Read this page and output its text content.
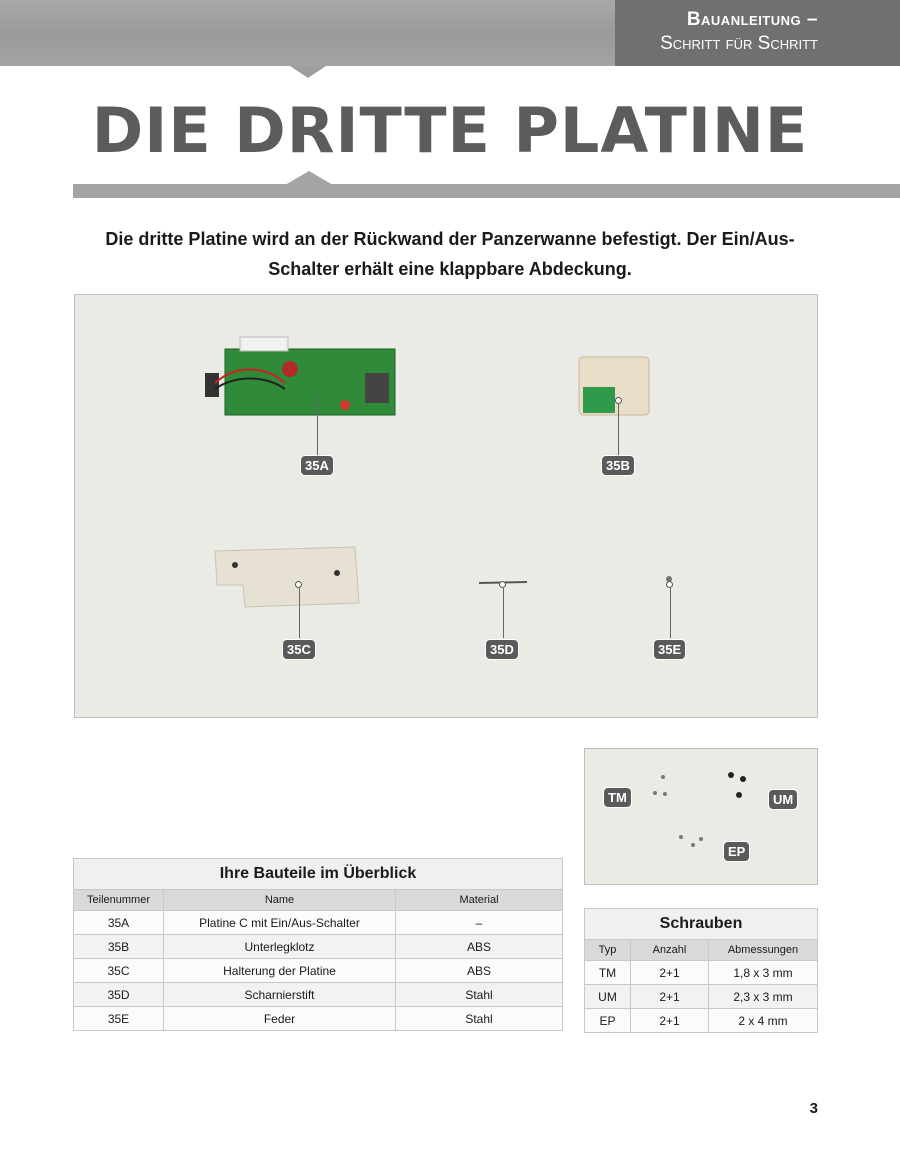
Bauanleitung –
Schritt für Schritt
DIE DRITTE PLATINE

Die dritte Platine wird an der Rückwand der Panzerwanne befestigt. Der Ein/Aus-Schalter erhält eine klappbare Abdeckung.

35A	35B
35C	35D	35E
TM	UM
EP
Ihre Bauteile im Überblick		
Teilenummer	Name	Material
35A	Platine C mit Ein/Aus-Schalter	–
35B	Unterlegklotz	ABS
35C	Halterung der Platine	ABS
35D	Scharnierstift	Stahl
35E	Feder	Stahl
Schrauben		
Typ	Anzahl	Abmessungen
TM	2+1	1,8 x 3 mm
UM	2+1	2,3 x 3 mm
EP	2+1	2 x 4 mm
3
